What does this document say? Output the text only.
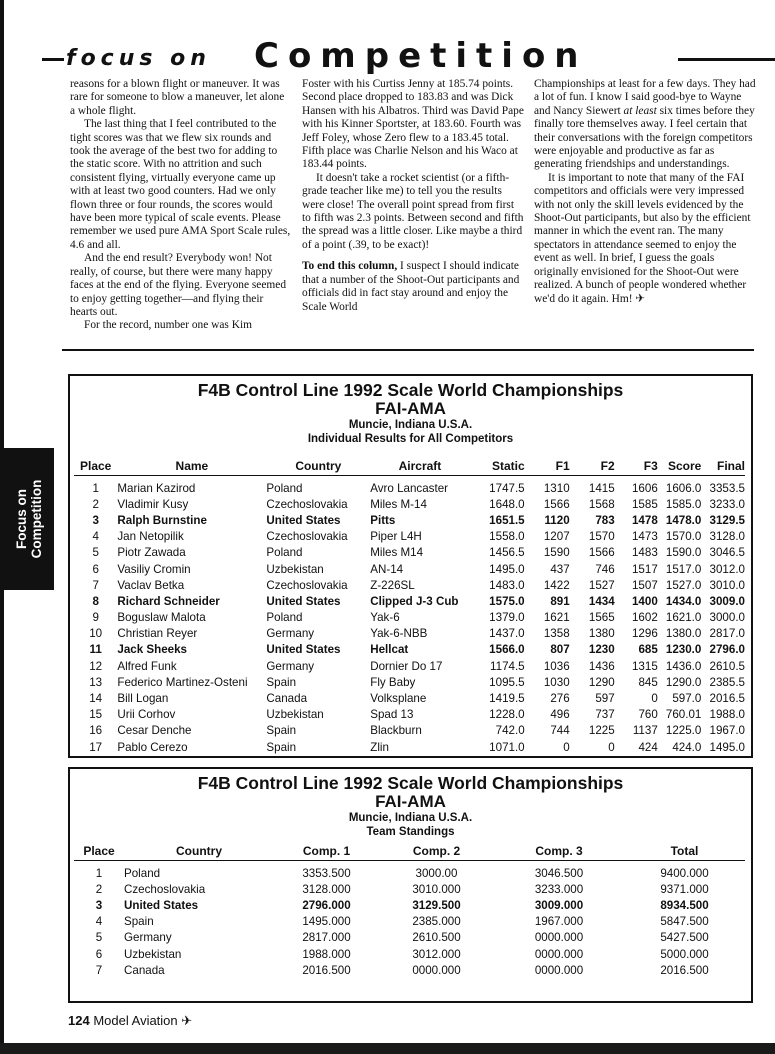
focus on Competition

reasons for a blown flight or maneuver. It was rare for someone to blow a maneuver, let alone a whole flight.

The last thing that I feel contributed to the tight scores was that we flew six rounds and took the average of the best two for adding to the static score. With no attrition and such consistent flying, virtually everyone came up with at least two good counters. Had we only flown three or four rounds, the scores would have been more typical of scale events. Please remember we used pure AMA Sport Scale rules, 4.6 and all.

And the end result? Everybody won! Not really, of course, but there were many happy faces at the end of the flying. Everyone seemed to enjoy getting together—and flying their hearts out.

For the record, number one was Kim

Foster with his Curtiss Jenny at 185.74 points. Second place dropped to 183.83 and was Dick Hansen with his Albatros. Third was David Pape with his Kinner Sportster, at 183.60. Fourth was Jeff Foley, whose Zero flew to a 183.45 total. Fifth place was Charlie Nelson and his Waco at 183.44 points.

It doesn't take a rocket scientist (or a fifth-grade teacher like me) to tell you the results were close! The overall point spread from first to fifth was 2.3 points. Between second and fifth the spread was a little closer. Like maybe a third of a point (.39, to be exact)!

To end this column, I suspect I should indicate that a number of the Shoot-Out participants and officials did in fact stay around and enjoy the Scale World

Championships at least for a few days. They had a lot of fun. I know I said good-bye to Wayne and Nancy Siewert at least six times before they finally tore themselves away. I feel certain that their conversations with the foreign competitors were enjoyable and productive as far as generating friendships and understandings.

It is important to note that many of the FAI competitors and officials were very impressed with not only the skill levels evidenced by the Shoot-Out participants, but also by the efficient manner in which the event ran. The many spectators in attendance seemed to enjoy the event as well. In brief, I guess the goals originally envisioned for the Shoot-Out were realized. A bunch of people wondered whether we'd do it again. Hm! ✈

Focus on Competition
F4B Control Line 1992 Scale World Championships
FAI-AMA
Muncie, Indiana U.S.A.
Individual Results for All Competitors
Place	Name	Country	Aircraft	Static	F1	F2	F3	Score	Final
1	Marian Kazirod	Poland	Avro Lancaster	1747.5	1310	1415	1606	1606.0	3353.5
2	Vladimir Kusy	Czechoslovakia	Miles M-14	1648.0	1566	1568	1585	1585.0	3233.0
3	Ralph Burnstine	United States	Pitts	1651.5	1120	783	1478	1478.0	3129.5
4	Jan Netopilik	Czechoslovakia	Piper L4H	1558.0	1207	1570	1473	1570.0	3128.0
5	Piotr Zawada	Poland	Miles M14	1456.5	1590	1566	1483	1590.0	3046.5
6	Vasiliy Cromin	Uzbekistan	AN-14	1495.0	437	746	1517	1517.0	3012.0
7	Vaclav Betka	Czechoslovakia	Z-226SL	1483.0	1422	1527	1507	1527.0	3010.0
8	Richard Schneider	United States	Clipped J-3 Cub	1575.0	891	1434	1400	1434.0	3009.0
9	Boguslaw Malota	Poland	Yak-6	1379.0	1621	1565	1602	1621.0	3000.0
10	Christian Reyer	Germany	Yak-6-NBB	1437.0	1358	1380	1296	1380.0	2817.0
11	Jack Sheeks	United States	Hellcat	1566.0	807	1230	685	1230.0	2796.0
12	Alfred Funk	Germany	Dornier Do 17	1174.5	1036	1436	1315	1436.0	2610.5
13	Federico Martinez-Osteni	Spain	Fly Baby	1095.5	1030	1290	845	1290.0	2385.5
14	Bill Logan	Canada	Volksplane	1419.5	276	597	0	597.0	2016.5
15	Urii Corhov	Uzbekistan	Spad 13	1228.0	496	737	760	760.01	1988.0
16	Cesar Denche	Spain	Blackburn	742.0	744	1225	1137	1225.0	1967.0
17	Pablo Cerezo	Spain	Zlin	1071.0	0	0	424	424.0	1495.0
F4B Control Line 1992 Scale World Championships
FAI-AMA
Muncie, Indiana U.S.A.
Team Standings
Place	Country	Comp. 1	Comp. 2	Comp. 3	Total
1	Poland	3353.500	3000.00	3046.500	9400.000
2	Czechoslovakia	3128.000	3010.000	3233.000	9371.000
3	United States	2796.000	3129.500	3009.000	8934.500
4	Spain	1495.000	2385.000	1967.000	5847.500
5	Germany	2817.000	2610.500	0000.000	5427.500
6	Uzbekistan	1988.000	3012.000	0000.000	5000.000
7	Canada	2016.500	0000.000	0000.000	2016.500
124 Model Aviation ✈
